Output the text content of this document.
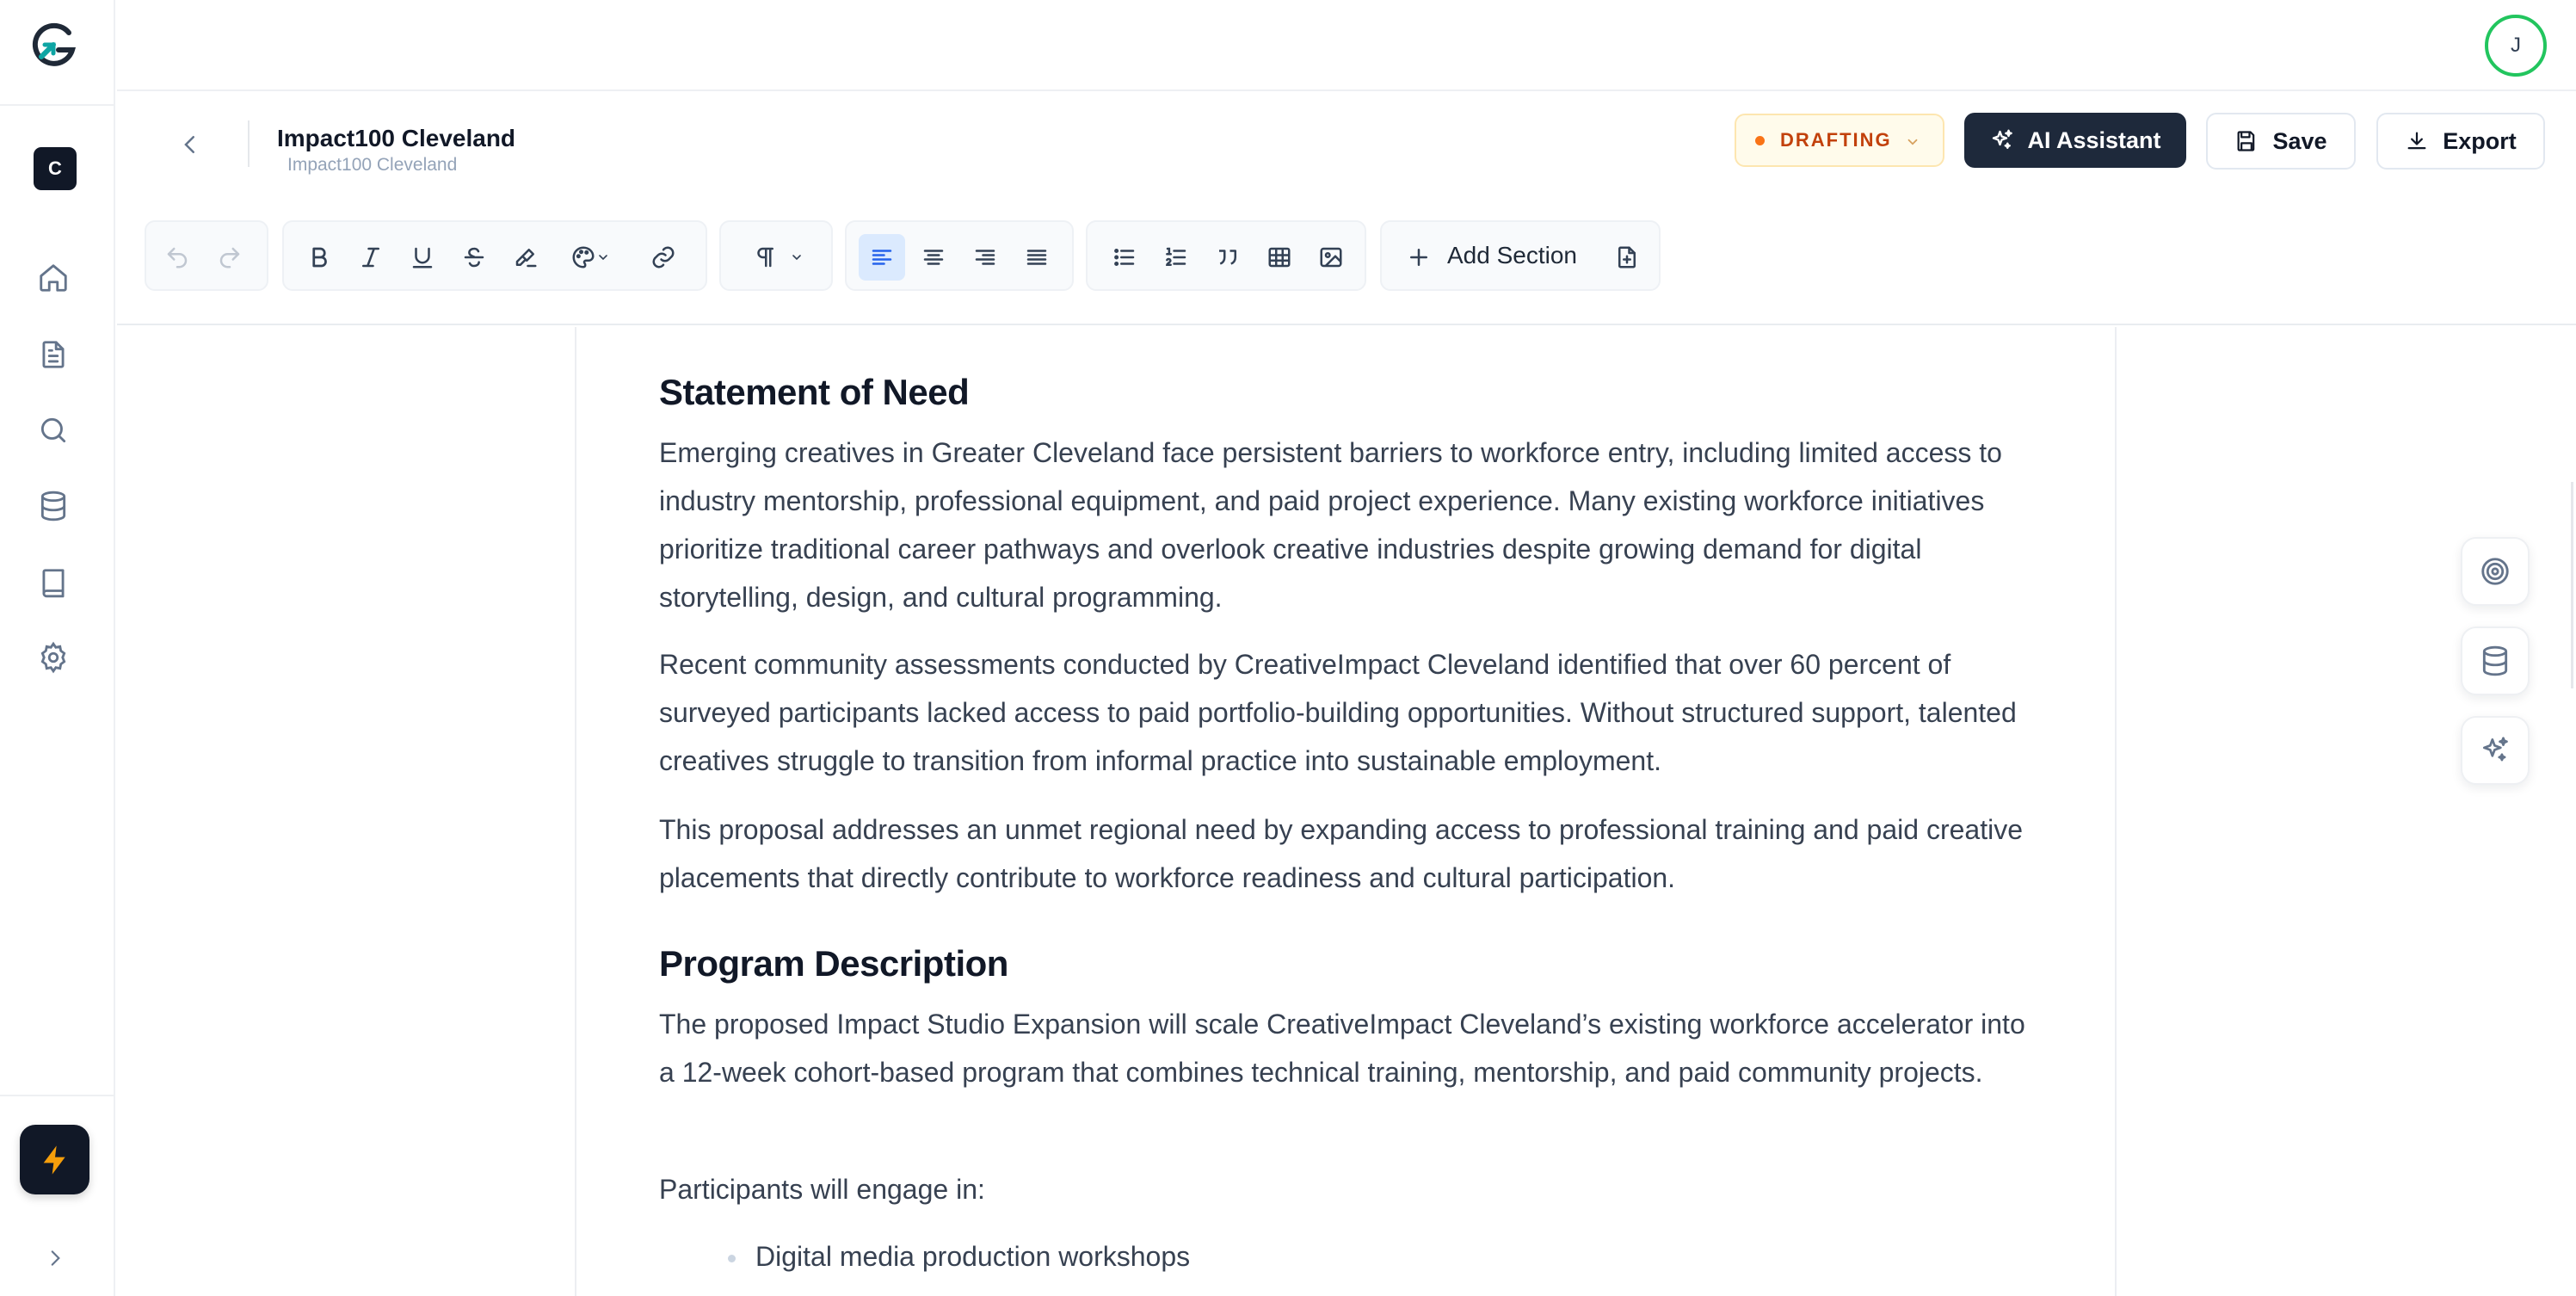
C
J
Impact100 Cleveland
Impact100 Cleveland
DRAFTING	AI Assistant	Save	Export
Add Section
Statement of Need
Emerging creatives in Greater Cleveland face persistent barriers to workforce entry, including limited access to industry mentorship, professional equipment, and paid project experience. Many existing workforce initiatives prioritize traditional career pathways and overlook creative industries despite growing demand for digital storytelling, design, and cultural programming.
Recent community assessments conducted by CreativeImpact Cleveland identified that over 60 percent of surveyed participants lacked access to paid portfolio-building opportunities. Without structured support, talented creatives struggle to transition from informal practice into sustainable employment.
This proposal addresses an unmet regional need by expanding access to professional training and paid creative placements that directly contribute to workforce readiness and cultural participation.
Program Description
The proposed Impact Studio Expansion will scale CreativeImpact Cleveland’s existing workforce accelerator into a 12-week cohort-based program that combines technical training, mentorship, and paid community projects.
Participants will engage in:
Digital media production workshops
